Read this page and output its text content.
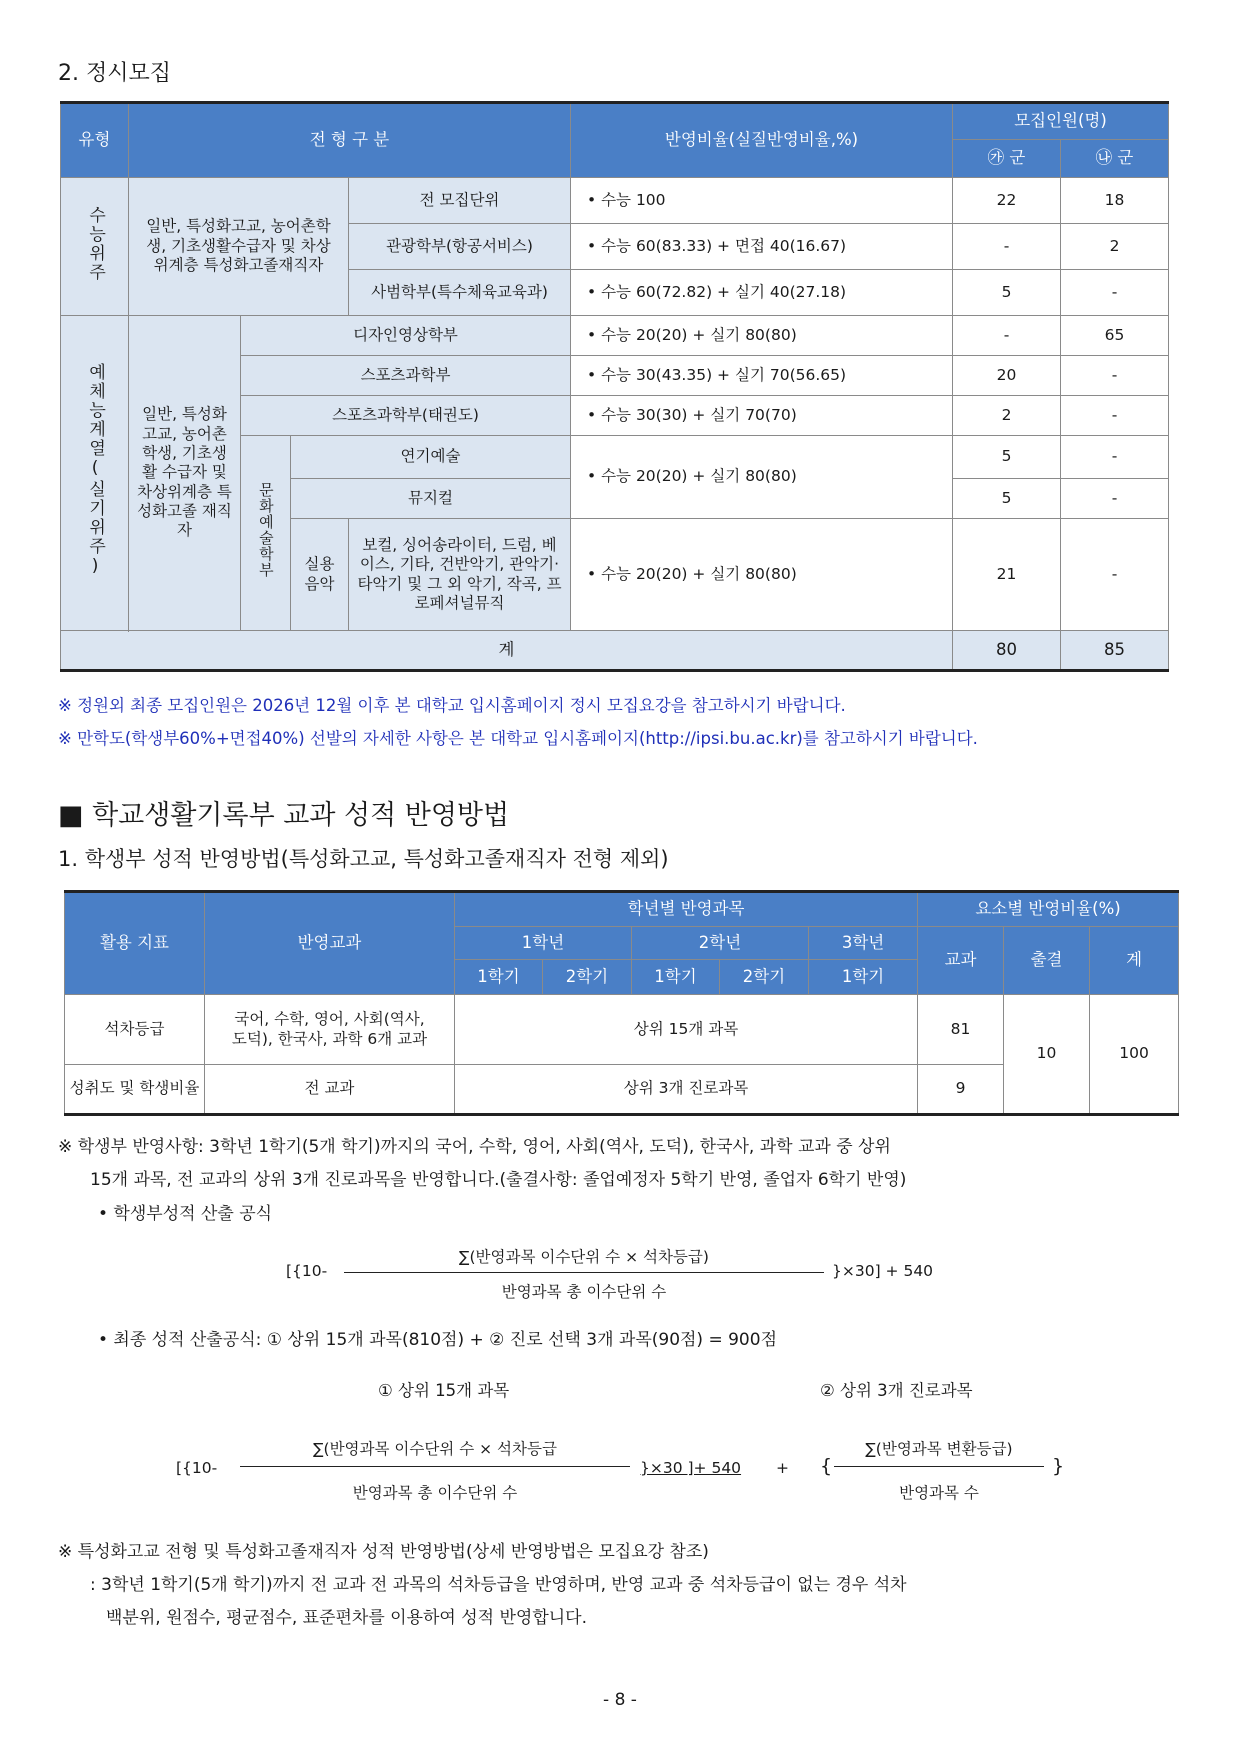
2. 정시모집
유형	전 형 구 분				반영비율(실질반영비율,%)	모집인원(명)	
						㉮ 군	㉯ 군
수능위주	일반, 특성화고교, 농어촌학생, 기초생활수급자 및 차상위계층 특성화고졸재직자			전 모집단위	• 수능 100	22	18
				관광학부(항공서비스)	• 수능 60(83.33) + 면접 40(16.67)	-	2
				사범학부(특수체육교육과)	• 수능 60(72.82) + 실기 40(27.18)	5	-
예체능계열(실기위주)	일반, 특성화고교, 농어촌학생, 기초생활 수급자 및 차상위계층 특성화고졸 재직자	디자인영상학부			• 수능 20(20) + 실기 80(80)	-	65
		스포츠과학부			• 수능 30(43.35) + 실기 70(56.65)	20	-
		스포츠과학부(태권도)			• 수능 30(30) + 실기 70(70)	2	-
		문화예술학부	연기예술		• 수능 20(20) + 실기 80(80)	5	-
			뮤지컬			5	-
			실용음악	보컬, 싱어송라이터, 드럼, 베이스, 기타, 건반악기, 관악기·타악기 및 그 외 악기, 작곡, 프로페셔널뮤직	• 수능 20(20) + 실기 80(80)	21	-

계						80	85
※ 정원외 최종 모집인원은 2026년 12월 이후 본 대학교 입시홈페이지 정시 모집요강을 참고하시기 바랍니다.
※ 만학도(학생부60%+면접40%) 선발의 자세한 사항은 본 대학교 입시홈페이지(http://ipsi.bu.ac.kr)를 참고하시기 바랍니다.
■ 학교생활기록부 교과 성적 반영방법
1. 학생부 성적 반영방법(특성화고교, 특성화고졸재직자 전형 제외)
활용 지표	반영교과	학년별 반영과목					요소별 반영비율(%)		
		1학년		2학년		3학년	교과	출결	계
		1학기	2학기	1학기	2학기	1학기			
석차등급	국어, 수학, 영어, 사회(역사, 도덕), 한국사, 과학 6개 교과	상위 15개 과목					81	10	100
성취도 및 학생비율	전 교과	상위 3개 진로과목					9		
※ 학생부 반영사항: 3학년 1학기(5개 학기)까지의 국어, 수학, 영어, 사회(역사, 도덕), 한국사, 과학 교과 중 상위
15개 과목, 전 교과의 상위 3개 진로과목을 반영합니다.(출결사항: 졸업예정자 5학기 반영, 졸업자 6학기 반영)
• 학생부성적 산출 공식
[{10-
∑(반영과목 이수단위 수 × 석차등급)
반영과목 총 이수단위 수
}×30] + 540
• 최종 성적 산출공식: ① 상위 15개 과목(810점) + ② 진로 선택 3개 과목(90점) = 900점
① 상위 15개 과목	② 상위 3개 진로과목
[{10-
∑(반영과목 이수단위 수 × 석차등급
반영과목 총 이수단위 수
}×30 ]+ 540 + {
∑(반영과목 변환등급)
반영과목 수
}
※ 특성화고교 전형 및 특성화고졸재직자 성적 반영방법(상세 반영방법은 모집요강 참조)
: 3학년 1학기(5개 학기)까지 전 교과 전 과목의 석차등급을 반영하며, 반영 교과 중 석차등급이 없는 경우 석차
백분위, 원점수, 평균점수, 표준편차를 이용하여 성적 반영합니다.
- 8 -
